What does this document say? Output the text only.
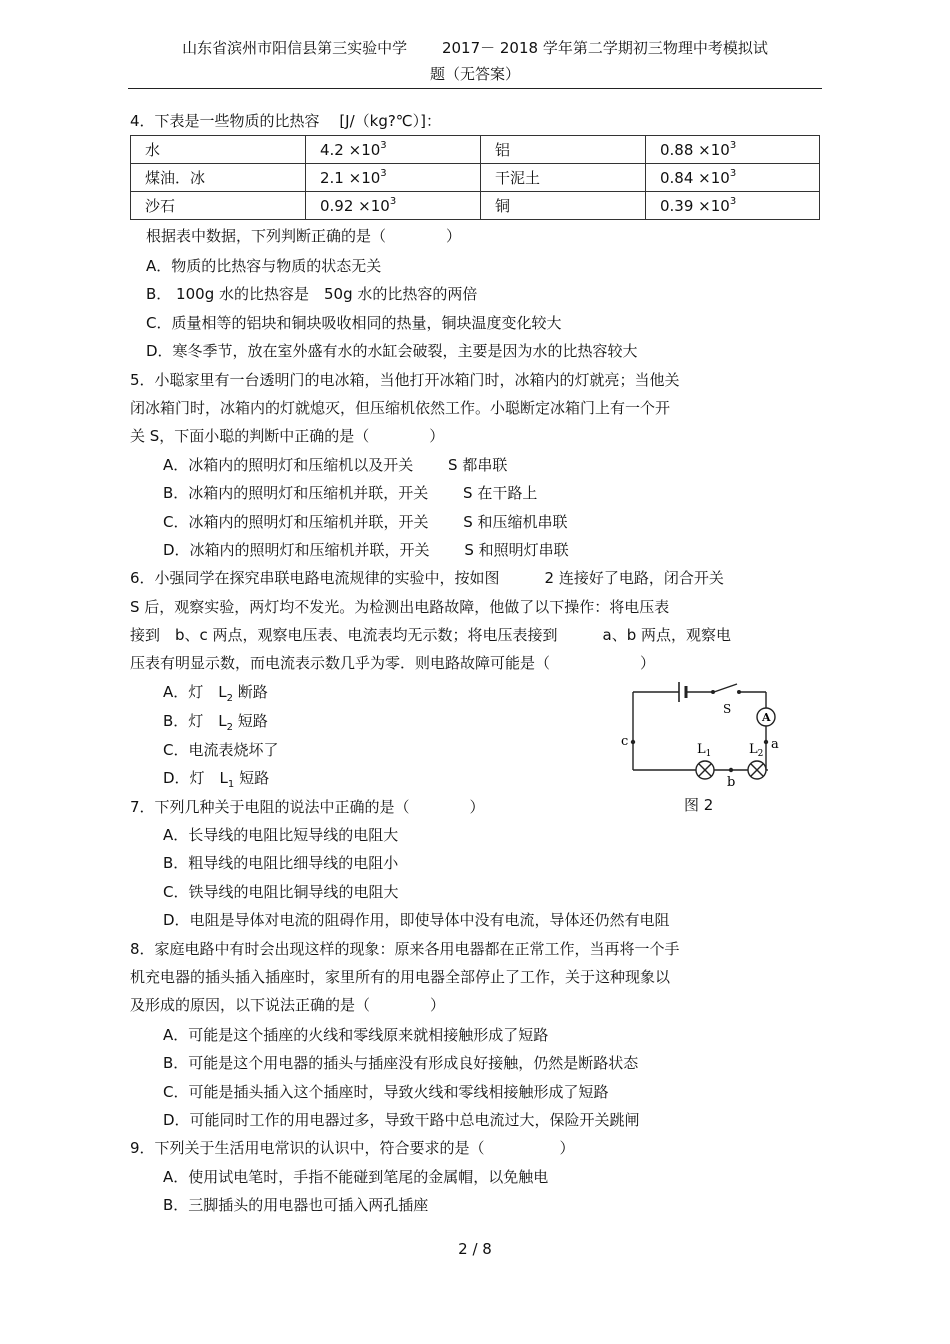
山东省滨州市阳信县第三实验中学　　 2017－ 2018 学年第二学期初三物理中考模拟试
题（无答案）
4．下表是一些物质的比热容　 [J/（kg?℃）]：
水	$4.2 \times 10^3$	铝	$0.88 \times 10^3$
煤油．冰	$2.1 \times 10^3$	干泥土	$0.84 \times 10^3$
沙石	$0.92 \times 10^3$	铜	$0.39 \times 10^3$
根据表中数据，下列判断正确的是（　　　　）
A．物质的比热容与物质的状态无关
B． 100g 水的比热容是　50g 水的比热容的两倍
C．质量相等的铝块和铜块吸收相同的热量，铜块温度变化较大
D．寒冬季节，放在室外盛有水的水缸会破裂，主要是因为水的比热容较大
5．小聪家里有一台透明门的电冰箱，当他打开冰箱门时，冰箱内的灯就亮；当他关
闭冰箱门时，冰箱内的灯就熄灭，但压缩机依然工作。小聪断定冰箱门上有一个开
关 S，下面小聪的判断中正确的是（　　　　）
A．冰箱内的照明灯和压缩机以及开关　　 S 都串联
B．冰箱内的照明灯和压缩机并联，开关　　 S 在干路上
C．冰箱内的照明灯和压缩机并联，开关　　 S 和压缩机串联
D．冰箱内的照明灯和压缩机并联，开关　　 S 和照明灯串联
6．小强同学在探究串联电路电流规律的实验中，按如图　　　2 连接好了电路，闭合开关
S 后，观察实验，两灯均不发光。为检测出电路故障，他做了以下操作：将电压表
接到　b、c 两点，观察电压表、电流表均无示数；将电压表接到　　　a、b 两点，观察电
压表有明显示数，而电流表示数几乎为零．则电路故障可能是（　　　　　　）
A．灯　$L_2$ 断路
B．灯　$L_2$ 短路
C．电流表烧坏了
D．灯　$L_1$ 短路
S
A
c	a
b
$L_1$	$L_2$
图 2
7．下列几种关于电阻的说法中正确的是（　　　　）
A．长导线的电阻比短导线的电阻大
B．粗导线的电阻比细导线的电阻小
C．铁导线的电阻比铜导线的电阻大
D．电阻是导体对电流的阻碍作用，即使导体中没有电流，导体还仍然有电阻
8．家庭电路中有时会出现这样的现象：原来各用电器都在正常工作，当再将一个手
机充电器的插头插入插座时，家里所有的用电器全部停止了工作，关于这种现象以
及形成的原因，以下说法正确的是（　　　　）
A．可能是这个插座的火线和零线原来就相接触形成了短路
B．可能是这个用电器的插头与插座没有形成良好接触，仍然是断路状态
C．可能是插头插入这个插座时，导致火线和零线相接触形成了短路
D．可能同时工作的用电器过多，导致干路中总电流过大，保险开关跳闸
9．下列关于生活用电常识的认识中，符合要求的是（　　　　　）
A．使用试电笔时，手指不能碰到笔尾的金属帽，以免触电
B．三脚插头的用电器也可插入两孔插座
2 / 8
